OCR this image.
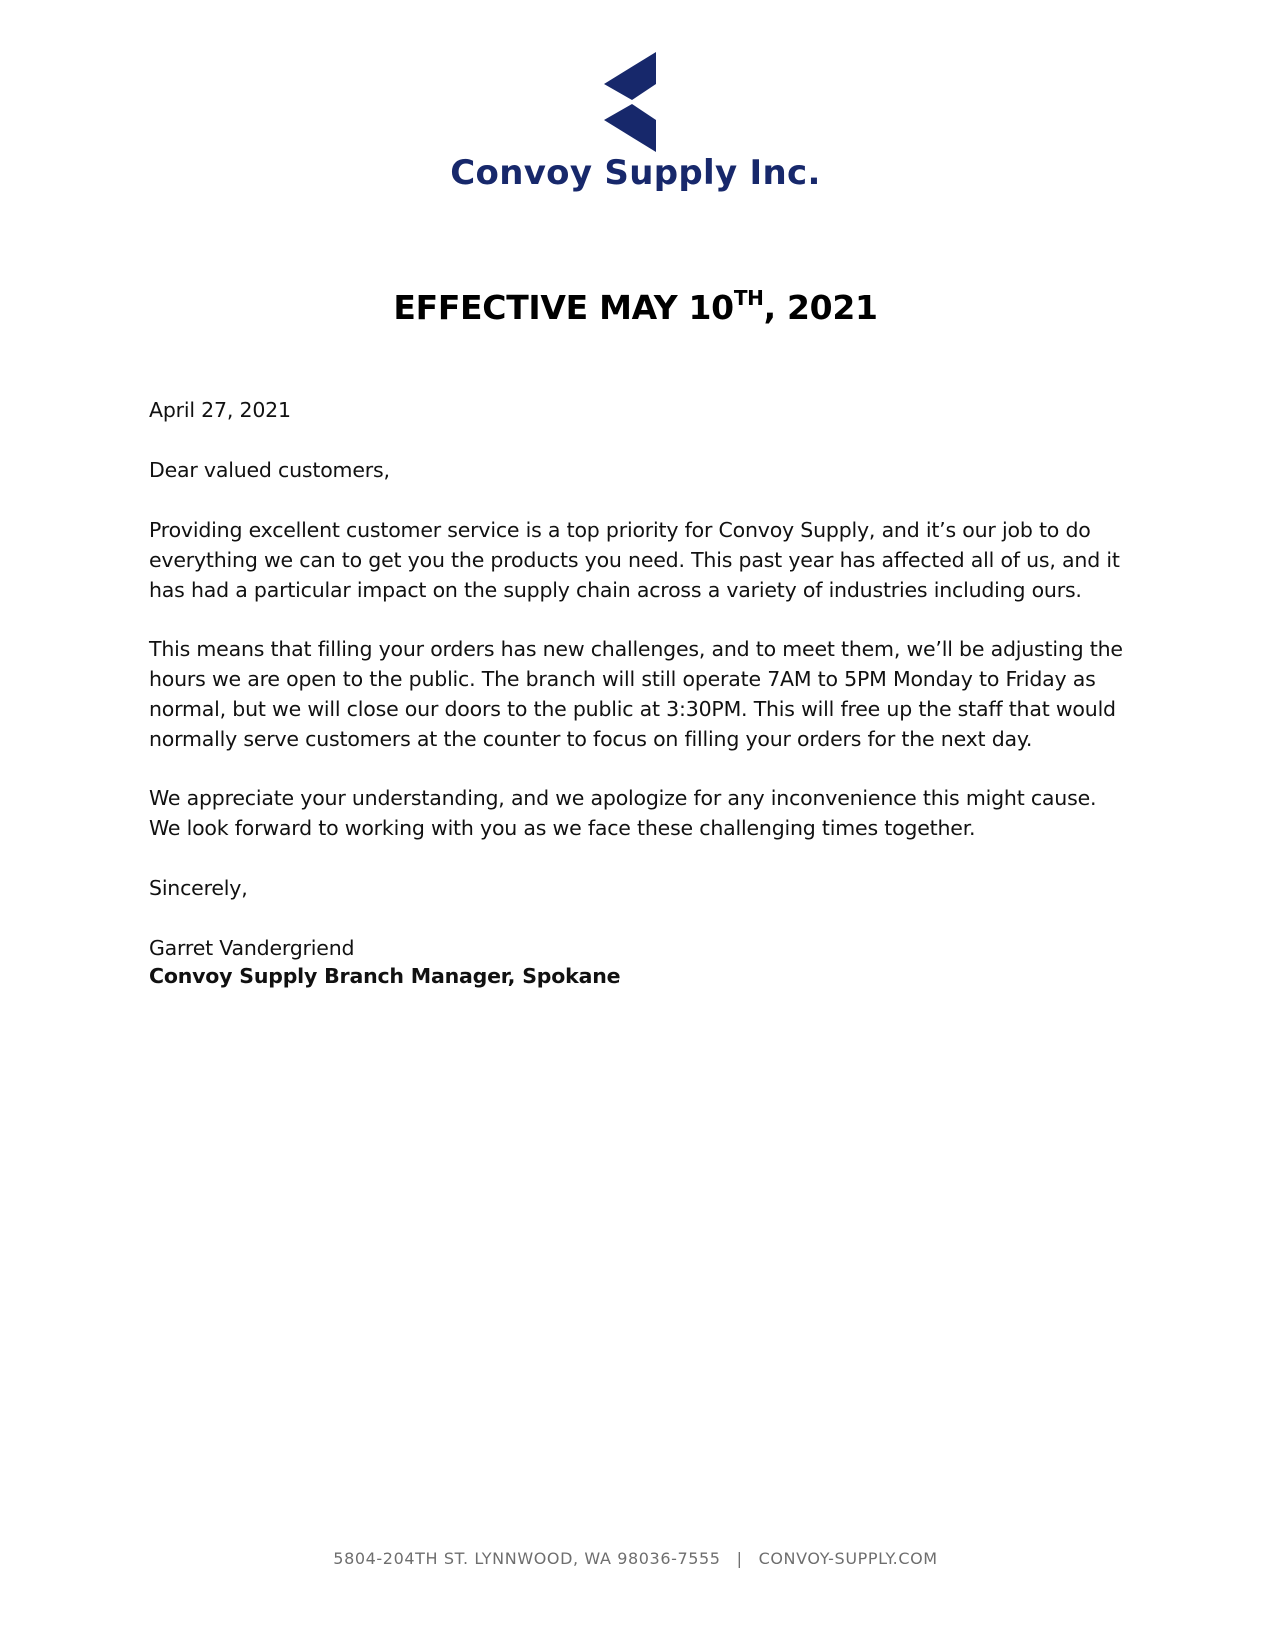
Convoy Supply Inc.
EFFECTIVE MAY 10TH, 2021
April 27, 2021
Dear valued customers,
Providing excellent customer service is a top priority for Convoy Supply, and it’s our job to do everything we can to get you the products you need. This past year has affected all of us, and it has had a particular impact on the supply chain across a variety of industries including ours.
This means that filling your orders has new challenges, and to meet them, we’ll be adjusting the hours we are open to the public. The branch will still operate 7AM to 5PM Monday to Friday as normal, but we will close our doors to the public at 3:30PM. This will free up the staff that would normally serve customers at the counter to focus on filling your orders for the next day.
We appreciate your understanding, and we apologize for any inconvenience this might cause. We look forward to working with you as we face these challenging times together.
Sincerely,
Garret Vandergriend
Convoy Supply Branch Manager, Spokane
5804-204TH ST. LYNNWOOD, WA 98036-7555 | CONVOY-SUPPLY.COM
